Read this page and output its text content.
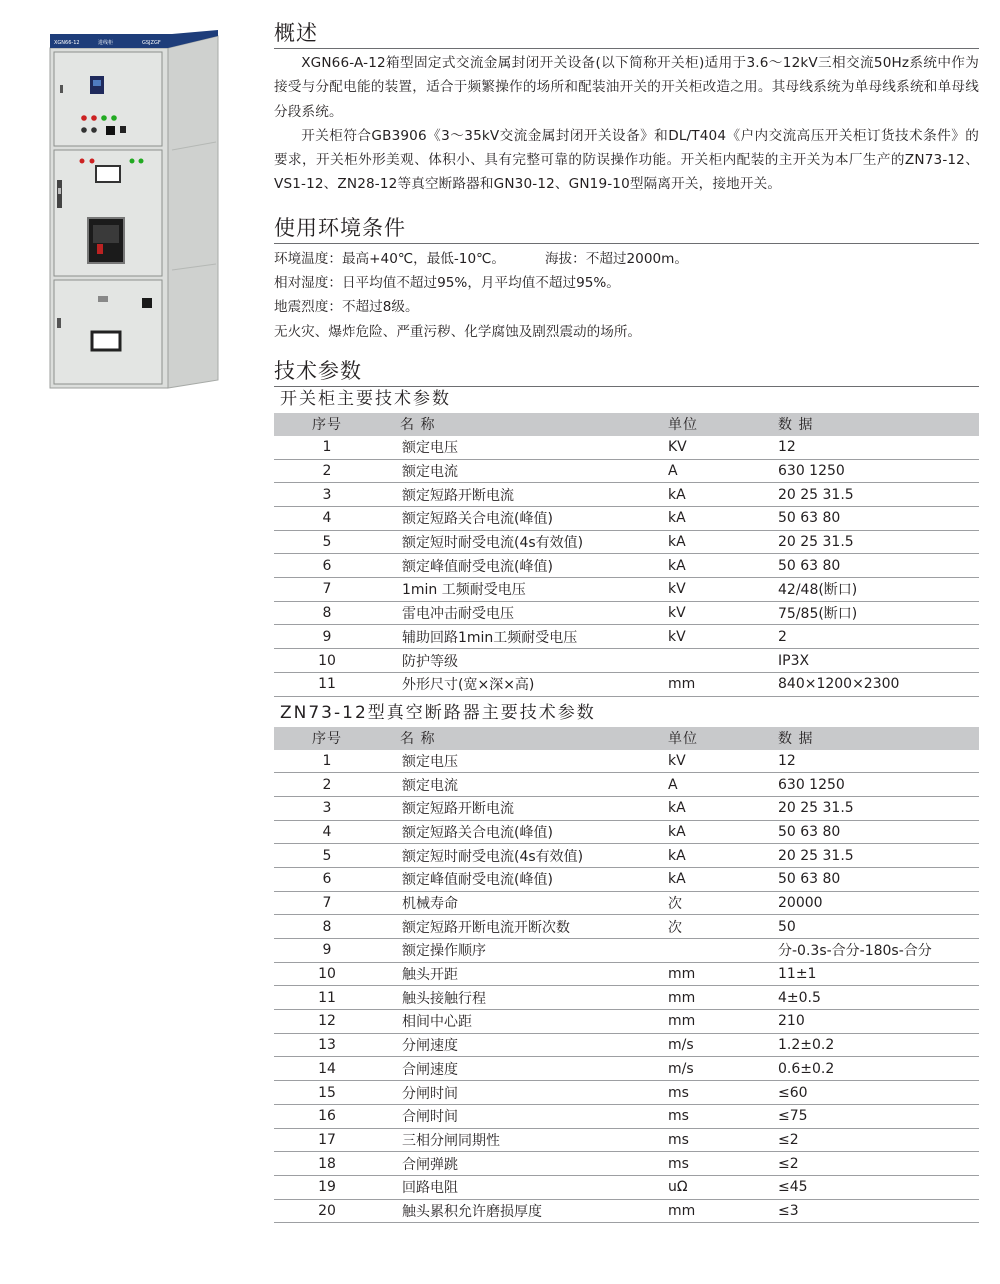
XGN66-12	进线柜	GSJZGF	概述

XGN66-A-12箱型固定式交流金属封闭开关设备(以下简称开关柜)适用于3.6～12kV三相交流50Hz系统中作为接受与分配电能的装置，适合于频繁操作的场所和配装油开关的开关柜改造之用。其母线系统为单母线系统和单母线分段系统。

开关柜符合GB3906《3～35kV交流金属封闭开关设备》和DL/T404《户内交流高压开关柜订货技术条件》的要求，开关柜外形美观、体积小、具有完整可靠的防误操作功能。开关柜内配装的主开关为本厂生产的ZN73-12、VS1-12、ZN28-12等真空断路器和GN30-12、GN19-10型隔离开关，接地开关。

使用环境条件
环境温度：最高+40℃，最低-10℃。	海拔：不超过2000m。
相对湿度：日平均值不超过95%，月平均值不超过95%。
地震烈度：不超过8级。
无火灾、爆炸危险、严重污秽、化学腐蚀及剧烈震动的场所。
技术参数
开关柜主要技术参数
序号	名 称	单位	数 据
1	额定电压	KV	12
2	额定电流	A	630 1250
3	额定短路开断电流	kA	20 25 31.5
4	额定短路关合电流(峰值)	kA	50 63 80
5	额定短时耐受电流(4s有效值)	kA	20 25 31.5
6	额定峰值耐受电流(峰值)	kA	50 63 80
7	1min 工频耐受电压	kV	42/48(断口)
8	雷电冲击耐受电压	kV	75/85(断口)
9	辅助回路1min工频耐受电压	kV	2
10	防护等级		IP3X
11	外形尺寸(宽×深×高)	mm	840×1200×2300
ZN73-12型真空断路器主要技术参数
序号	名 称	单位	数 据
1	额定电压	kV	12
2	额定电流	A	630 1250
3	额定短路开断电流	kA	20 25 31.5
4	额定短路关合电流(峰值)	kA	50 63 80
5	额定短时耐受电流(4s有效值)	kA	20 25 31.5
6	额定峰值耐受电流(峰值)	kA	50 63 80
7	机械寿命	次	20000
8	额定短路开断电流开断次数	次	50
9	额定操作顺序		分-0.3s-合分-180s-合分
10	触头开距	mm	11±1
11	触头接触行程	mm	4±0.5
12	相间中心距	mm	210
13	分闸速度	m/s	1.2±0.2
14	合闸速度	m/s	0.6±0.2
15	分闸时间	ms	≤60
16	合闸时间	ms	≤75
17	三相分闸同期性	ms	≤2
18	合闸弹跳	ms	≤2
19	回路电阻	uΩ	≤45
20	触头累积允许磨损厚度	mm	≤3
